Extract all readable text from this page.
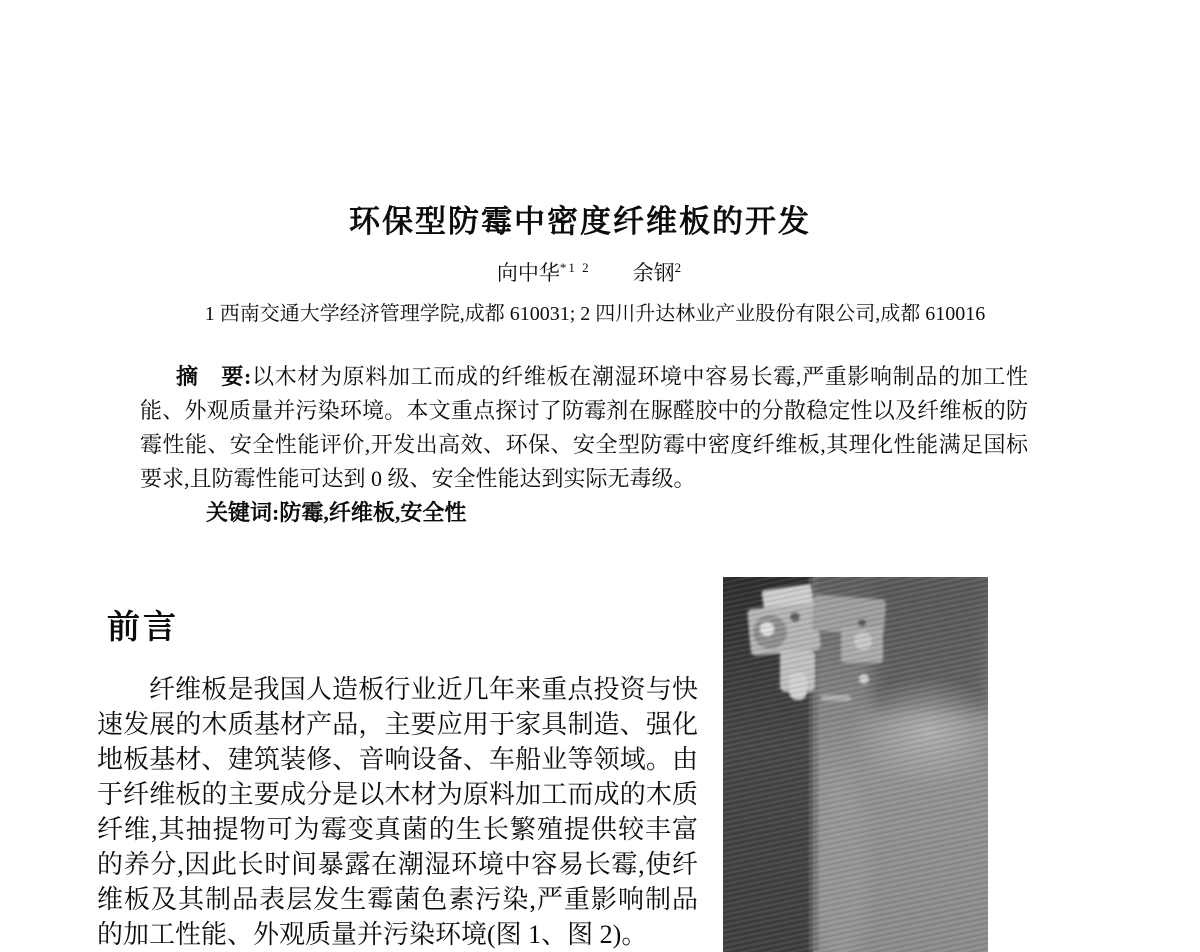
环保型防霉中密度纤维板的开发
向中华$^{*1 2}$ 余钢$^2$
1 西南交通大学经济管理学院,成都 610031; 2 四川升达林业产业股份有限公司,成都 610016

摘　要:以木材为原料加工而成的纤维板在潮湿环境中容易长霉,严重影响制品的加工性能、外观质量并污染环境。本文重点探讨了防霉剂在脲醛胶中的分散稳定性以及纤维板的防霉性能、安全性能评价,开发出高效、环保、安全型防霉中密度纤维板,其理化性能满足国标要求,且防霉性能可达到 0 级、安全性能达到实际无毒级。

关键词:防霉,纤维板,安全性

前言

纤维板是我国人造板行业近几年来重点投资与快速发展的木质基材产品，主要应用于家具制造、强化地板基材、建筑装修、音响设备、车船业等领域。由于纤维板的主要成分是以木材为原料加工而成的木质纤维,其抽提物可为霉变真菌的生长繁殖提供较丰富的养分,因此长时间暴露在潮湿环境中容易长霉,使纤维板及其制品表层发生霉菌色素污染,严重影响制品的加工性能、外观质量并污染环境(图 1、图 2)。
